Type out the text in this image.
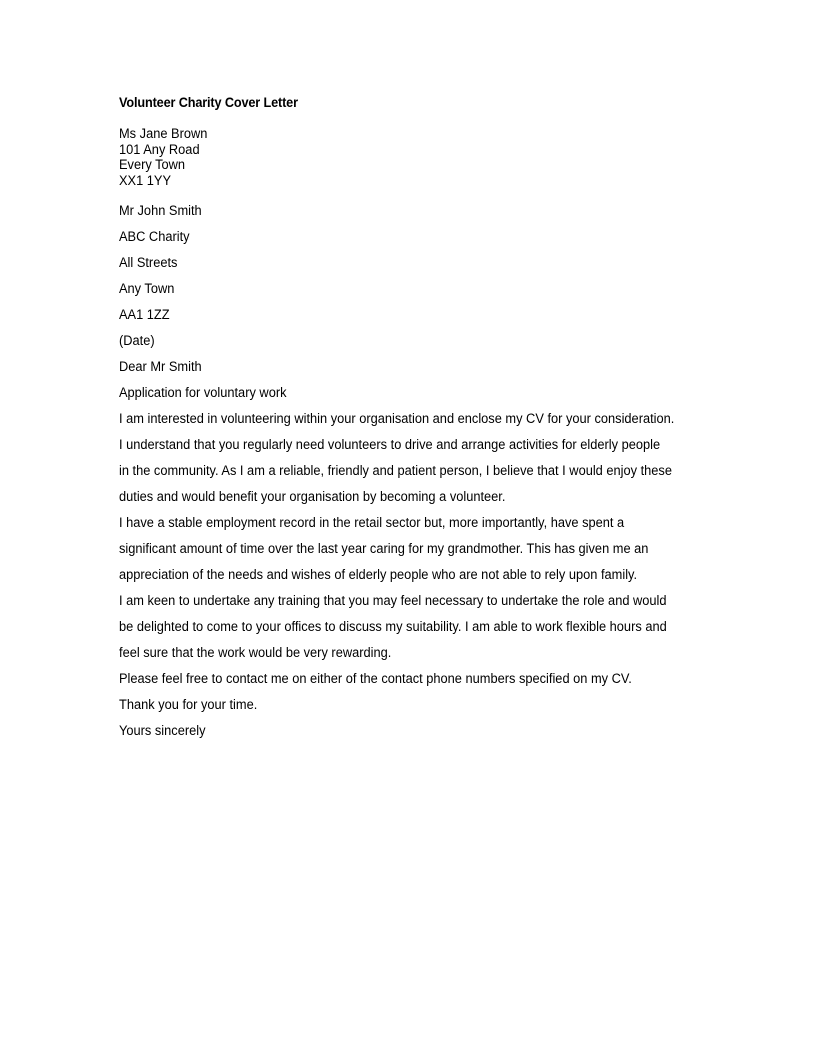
Volunteer Charity Cover Letter
Ms Jane Brown
101 Any Road
Every Town
XX1 1YY
Mr John Smith
ABC Charity
All Streets
Any Town
AA1 1ZZ
(Date)
Dear Mr Smith
Application for voluntary work
I am interested in volunteering within your organisation and enclose my CV for your consideration.
I understand that you regularly need volunteers to drive and arrange activities for elderly people
in the community. As I am a reliable, friendly and patient person, I believe that I would enjoy these
duties and would benefit your organisation by becoming a volunteer.
I have a stable employment record in the retail sector but, more importantly, have spent a
significant amount of time over the last year caring for my grandmother. This has given me an
appreciation of the needs and wishes of elderly people who are not able to rely upon family.
I am keen to undertake any training that you may feel necessary to undertake the role and would
be delighted to come to your offices to discuss my suitability. I am able to work flexible hours and
feel sure that the work would be very rewarding.
Please feel free to contact me on either of the contact phone numbers specified on my CV.
Thank you for your time.
Yours sincerely
